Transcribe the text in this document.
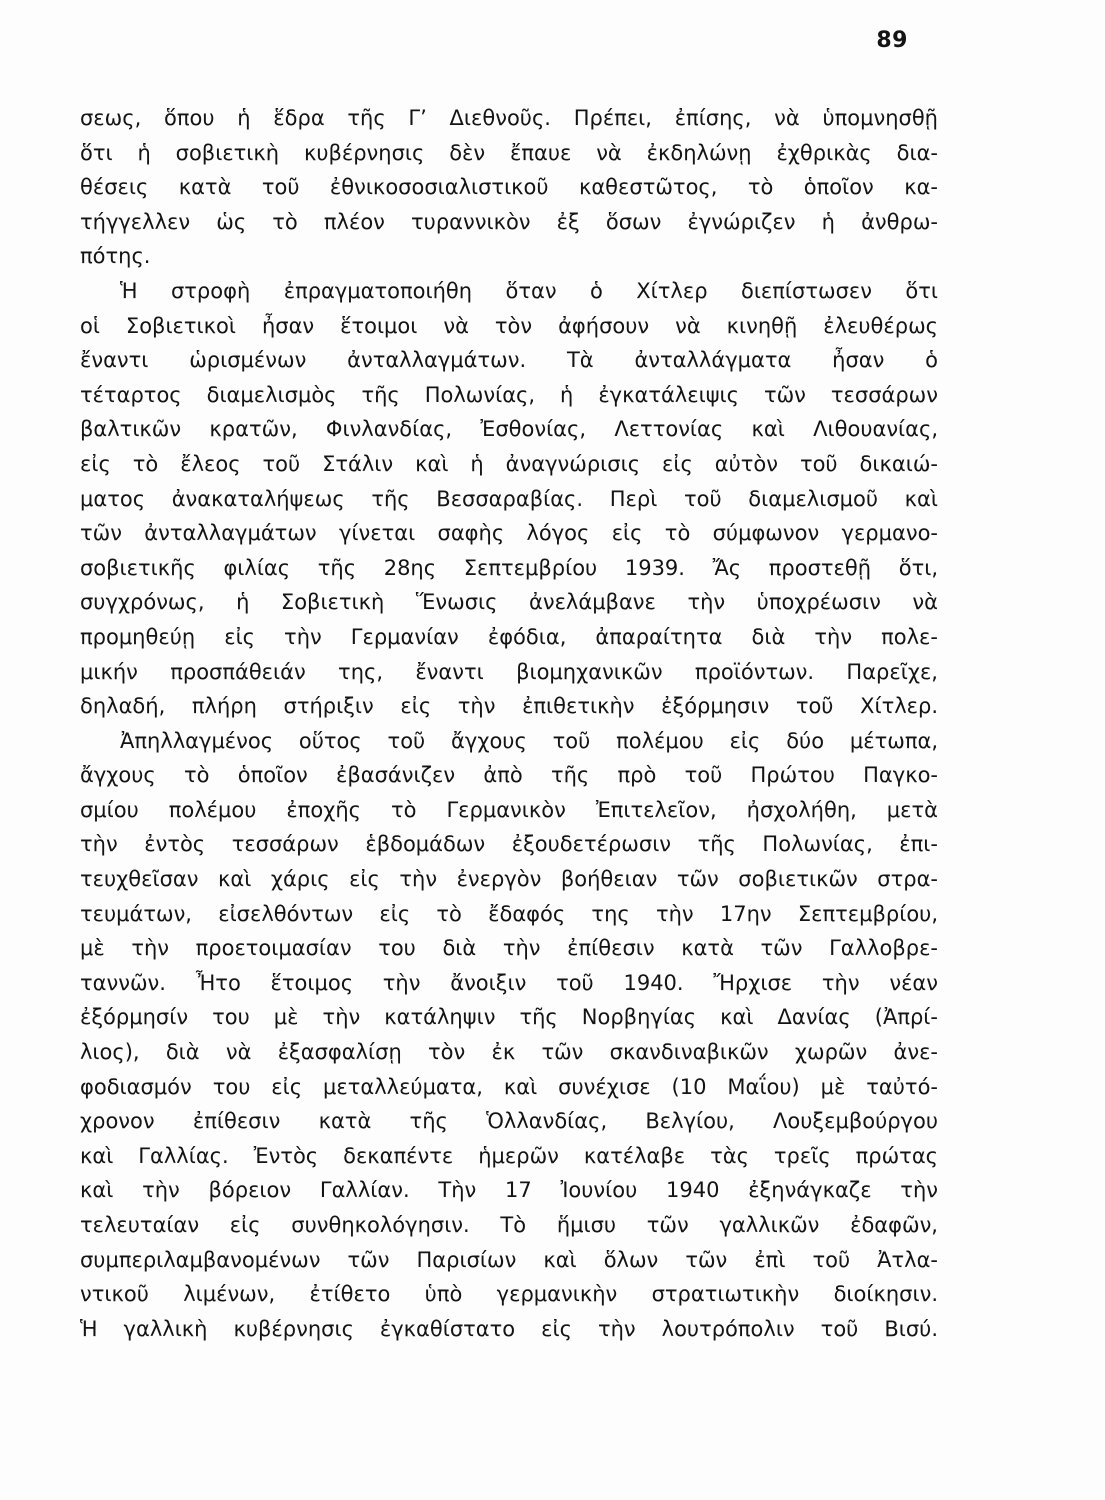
89
σεως, ὅπου ἡ ἕδρα τῆς Γ’ Διεθνοῦς. Πρέπει, ἐπίσης, νὰ ὑπομνησθῇ
ὅτι ἡ σοβιετικὴ κυβέρνησις δὲν ἔπαυε νὰ ἐκδηλώνῃ ἐχθρικὰς δια-
θέσεις κατὰ τοῦ ἐθνικοσοσιαλιστικοῦ καθεστῶτος, τὸ ὁποῖον κα-
τήγγελλεν ὡς τὸ πλέον τυραννικὸν ἐξ ὅσων ἐγνώριζεν ἡ ἀνθρω-
πότης.
Ἡ στροφὴ ἐπραγματοποιήθη ὅταν ὁ Χίτλερ διεπίστωσεν ὅτι
οἱ Σοβιετικοὶ ἦσαν ἕτοιμοι νὰ τὸν ἀφήσουν νὰ κινηθῇ ἐλευθέρως
ἔναντι ὡρισμένων ἀνταλλαγμάτων. Τὰ ἀνταλλάγματα ἦσαν ὁ
τέταρτος διαμελισμὸς τῆς Πολωνίας, ἡ ἐγκατάλειψις τῶν τεσσάρων
βαλτικῶν κρατῶν, Φινλανδίας, Ἐσθονίας, Λεττονίας καὶ Λιθουανίας,
εἰς τὸ ἔλεος τοῦ Στάλιν καὶ ἡ ἀναγνώρισις εἰς αὐτὸν τοῦ δικαιώ-
ματος ἀνακαταλήψεως τῆς Βεσσαραβίας. Περὶ τοῦ διαμελισμοῦ καὶ
τῶν ἀνταλλαγμάτων γίνεται σαφὴς λόγος εἰς τὸ σύμφωνον γερμανο-
σοβιετικῆς φιλίας τῆς 28ης Σεπτεμβρίου 1939. Ἄς προστεθῇ ὅτι,
συγχρόνως, ἡ Σοβιετικὴ Ἕνωσις ἀνελάμβανε τὴν ὑποχρέωσιν νὰ
προμηθεύῃ εἰς τὴν Γερμανίαν ἐφόδια, ἀπαραίτητα διὰ τὴν πολε-
μικήν προσπάθειάν της, ἔναντι βιομηχανικῶν προϊόντων. Παρεῖχε,
δηλαδή, πλήρη στήριξιν εἰς τὴν ἐπιθετικὴν ἐξόρμησιν τοῦ Χίτλερ.
Ἀπηλλαγμένος οὕτος τοῦ ἄγχους τοῦ πολέμου εἰς δύο μέτωπα,
ἄγχους τὸ ὁποῖον ἐβασάνιζεν ἀπὸ τῆς πρὸ τοῦ Πρώτου Παγκο-
σμίου πολέμου ἐποχῆς τὸ Γερμανικὸν Ἐπιτελεῖον, ἠσχολήθη, μετὰ
τὴν ἐντὸς τεσσάρων ἑβδομάδων ἐξουδετέρωσιν τῆς Πολωνίας, ἐπι-
τευχθεῖσαν καὶ χάρις εἰς τὴν ἐνεργὸν βοήθειαν τῶν σοβιετικῶν στρα-
τευμάτων, εἰσελθόντων εἰς τὸ ἔδαφός της τὴν 17ην Σεπτεμβρίου,
μὲ τὴν προετοιμασίαν του διὰ τὴν ἐπίθεσιν κατὰ τῶν Γαλλοβρε-
ταννῶν. Ἦτο ἕτοιμος τὴν ἄνοιξιν τοῦ 1940. Ἤρχισε τὴν νέαν
ἐξόρμησίν του μὲ τὴν κατάληψιν τῆς Νορβηγίας καὶ Δανίας (Ἀπρί-
λιος), διὰ νὰ ἐξασφαλίσῃ τὸν ἐκ τῶν σκανδιναβικῶν χωρῶν ἀνε-
φοδιασμόν του εἰς μεταλλεύματα, καὶ συνέχισε (10 Μαΐου) μὲ ταὐτό-
χρονον ἐπίθεσιν κατὰ τῆς Ὁλλανδίας, Βελγίου, Λουξεμβούργου
καὶ Γαλλίας. Ἐντὸς δεκαπέντε ἡμερῶν κατέλαβε τὰς τρεῖς πρώτας
καὶ τὴν βόρειον Γαλλίαν. Τὴν 17 Ἰουνίου 1940 ἐξηνάγκαζε τὴν
τελευταίαν εἰς συνθηκολόγησιν. Τὸ ἥμισυ τῶν γαλλικῶν ἐδαφῶν,
συμπεριλαμβανομένων τῶν Παρισίων καὶ ὅλων τῶν ἐπὶ τοῦ Ἀτλα-
ντικοῦ λιμένων, ἐτίθετο ὑπὸ γερμανικὴν στρατιωτικὴν διοίκησιν.
Ἡ γαλλικὴ κυβέρνησις ἐγκαθίστατο εἰς τὴν λουτρόπολιν τοῦ Βισύ.
